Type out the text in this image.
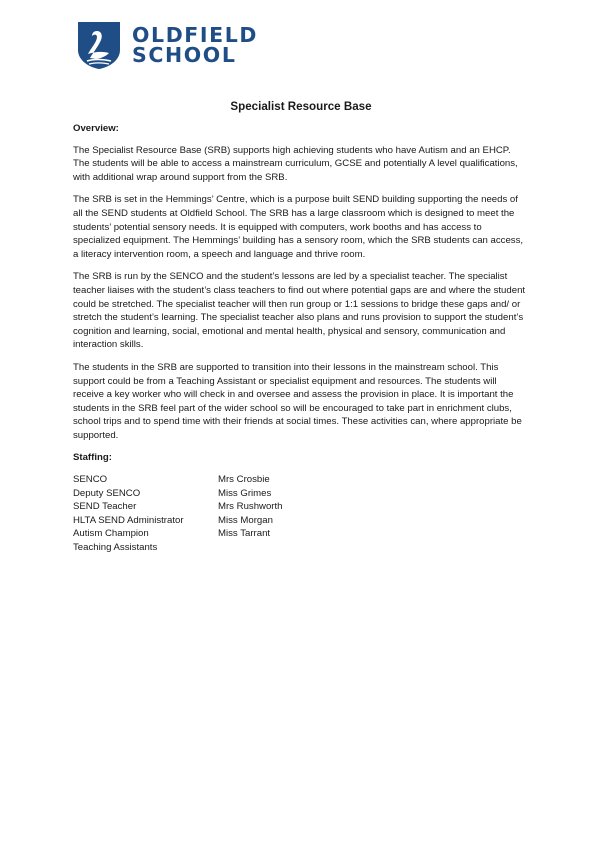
OLDFIELD
SCHOOL
Specialist Resource Base
Overview:

The Specialist Resource Base (SRB) supports high achieving students who have Autism and an EHCP. The students will be able to access a mainstream curriculum, GCSE and potentially A level qualifications, with additional wrap around support from the SRB.

The SRB is set in the Hemmings’ Centre, which is a purpose built SEND building supporting the needs of all the SEND students at Oldfield School. The SRB has a large classroom which is designed to meet the students’ potential sensory needs. It is equipped with computers, work booths and has access to specialized equipment. The Hemmings’ building has a sensory room, which the SRB students can access, a literacy intervention room, a speech and language and thrive room.

The SRB is run by the SENCO and the student’s lessons are led by a specialist teacher. The specialist teacher liaises with the student’s class teachers to find out where potential gaps are and where the student could be stretched. The specialist teacher will then run group or 1:1 sessions to bridge these gaps and/ or stretch the student’s learning. The specialist teacher also plans and runs provision to support the student’s cognition and learning, social, emotional and mental health, physical and sensory, communication and interaction skills.

The students in the SRB are supported to transition into their lessons in the mainstream school. This support could be from a Teaching Assistant or specialist equipment and resources. The students will receive a key worker who will check in and oversee and assess the provision in place. It is important the students in the SRB feel part of the wider school so will be encouraged to take part in enrichment clubs, school trips and to spend time with their friends at social times. These activities can, where appropriate be supported.

Staffing:
SENCO	Mrs Crosbie
Deputy SENCO	Miss Grimes
SEND Teacher	Mrs Rushworth
HLTA SEND Administrator	Miss Morgan
Autism Champion	Miss Tarrant
Teaching Assistants
